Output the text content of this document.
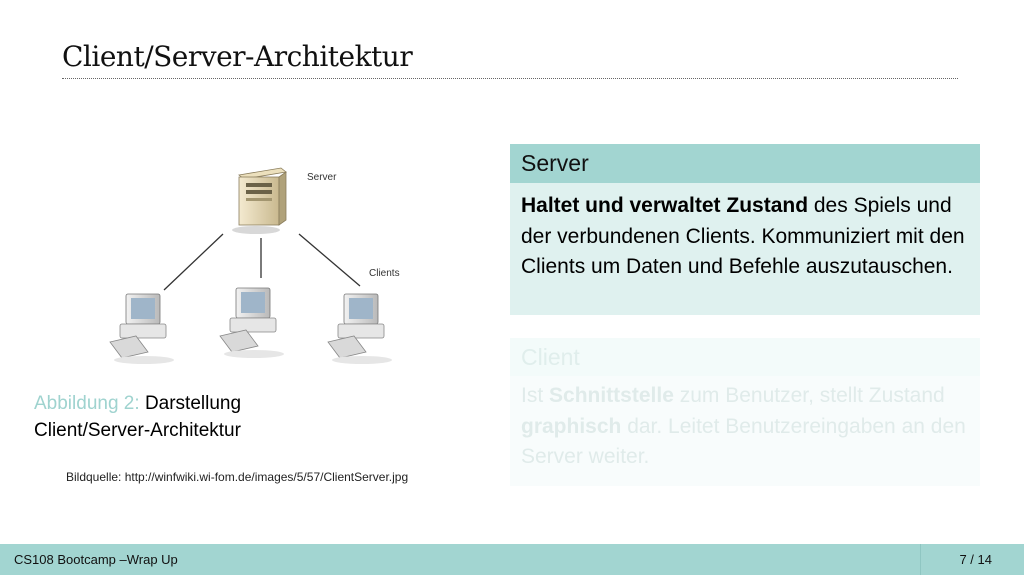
Client/Server-Architektur
Server
Clients
Abbildung 2: Darstellung Client/Server-Architektur
Bildquelle: http://winfwiki.wi-fom.de/images/5/57/ClientServer.jpg
Server
Haltet und verwaltet Zustand des Spiels und der verbundenen Clients. Kommuniziert mit den Clients um Daten und Befehle auszutauschen.
Client
Ist Schnittstelle zum Benutzer, stellt Zustand graphisch dar. Leitet Benutzereingaben an den Server weiter.
CS108 Bootcamp –Wrap Up	7 / 14
